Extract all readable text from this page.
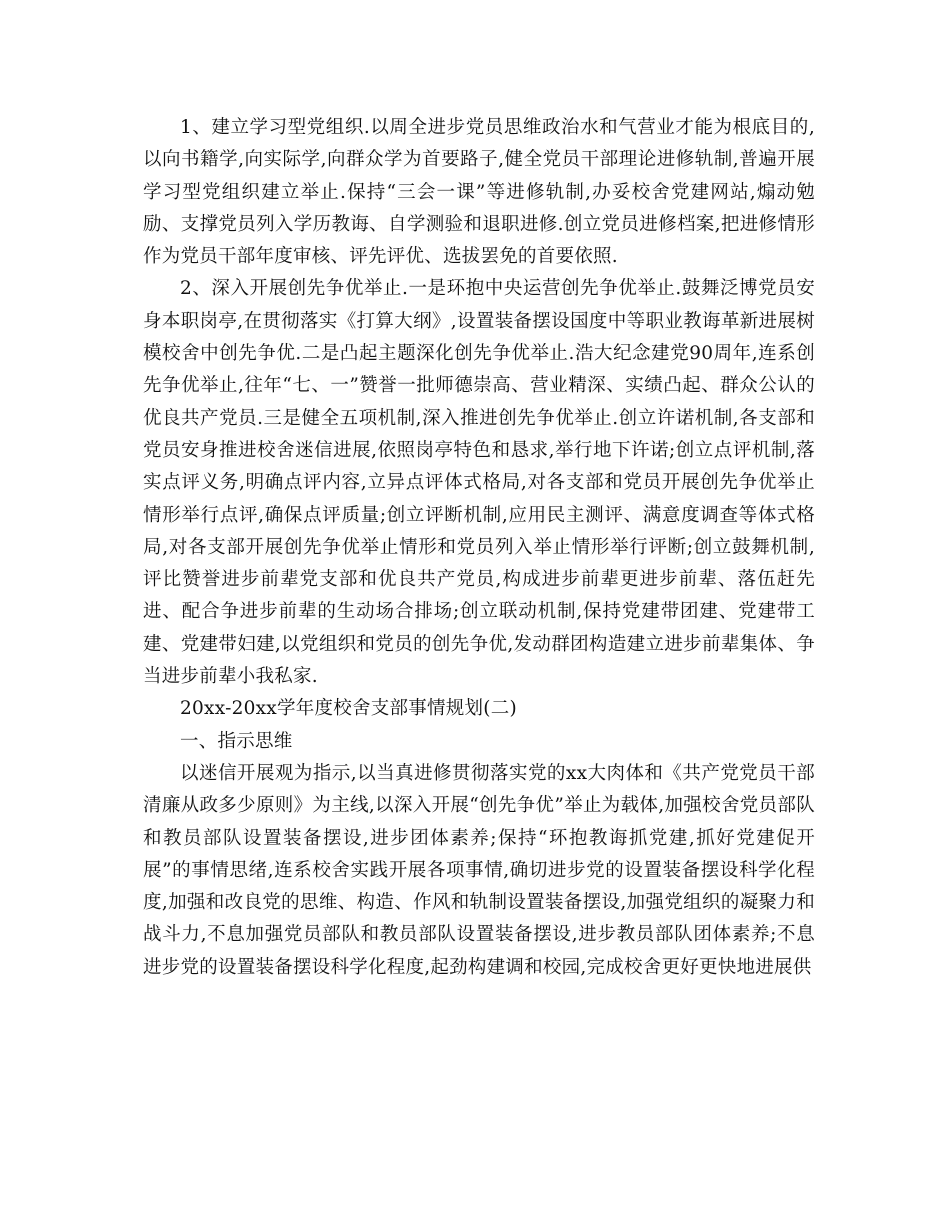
1、建立学习型党组织.以周全进步党员思维政治水和气营业才能为根底目的,以向书籍学,向实际学,向群众学为首要路子,健全党员干部理论进修轨制,普遍开展学习型党组织建立举止.保持“三会一课”等进修轨制,办妥校舍党建网站,煽动勉励、支撑党员列入学历教诲、自学测验和退职进修.创立党员进修档案,把进修情形作为党员干部年度审核、评先评优、选拔罢免的首要依照.

2、深入开展创先争优举止.一是环抱中央运营创先争优举止.鼓舞泛博党员安身本职岗亭,在贯彻落实《打算大纲》,设置装备摆设国度中等职业教诲革新进展树模校舍中创先争优.二是凸起主题深化创先争优举止.浩大纪念建党90周年,连系创先争优举止,往年“七、一”赞誉一批师德崇高、营业精深、实绩凸起、群众公认的优良共产党员.三是健全五项机制,深入推进创先争优举止.创立许诺机制,各支部和党员安身推进校舍迷信进展,依照岗亭特色和恳求,举行地下许诺;创立点评机制,落实点评义务,明确点评内容,立异点评体式格局,对各支部和党员开展创先争优举止情形举行点评,确保点评质量;创立评断机制,应用民主测评、满意度调查等体式格局,对各支部开展创先争优举止情形和党员列入举止情形举行评断;创立鼓舞机制,评比赞誉进步前辈党支部和优良共产党员,构成进步前辈更进步前辈、落伍赶先进、配合争进步前辈的生动场合排场;创立联动机制,保持党建带团建、党建带工建、党建带妇建,以党组织和党员的创先争优,发动群团构造建立进步前辈集体、争当进步前辈小我私家.

20xx-20xx学年度校舍支部事情规划(二)

一、指示思维

以迷信开展观为指示,以当真进修贯彻落实党的xx大肉体和《共产党党员干部清廉从政多少原则》为主线,以深入开展“创先争优”举止为载体,加强校舍党员部队和教员部队设置装备摆设,进步团体素养;保持“环抱教诲抓党建,抓好党建促开展”的事情思绪,连系校舍实践开展各项事情,确切进步党的设置装备摆设科学化程度,加强和改良党的思维、构造、作风和轨制设置装备摆设,加强党组织的凝聚力和战斗力,不息加强党员部队和教员部队设置装备摆设,进步教员部队团体素养;不息进步党的设置装备摆设科学化程度,起劲构建调和校园,完成校舍更好更快地进展供
